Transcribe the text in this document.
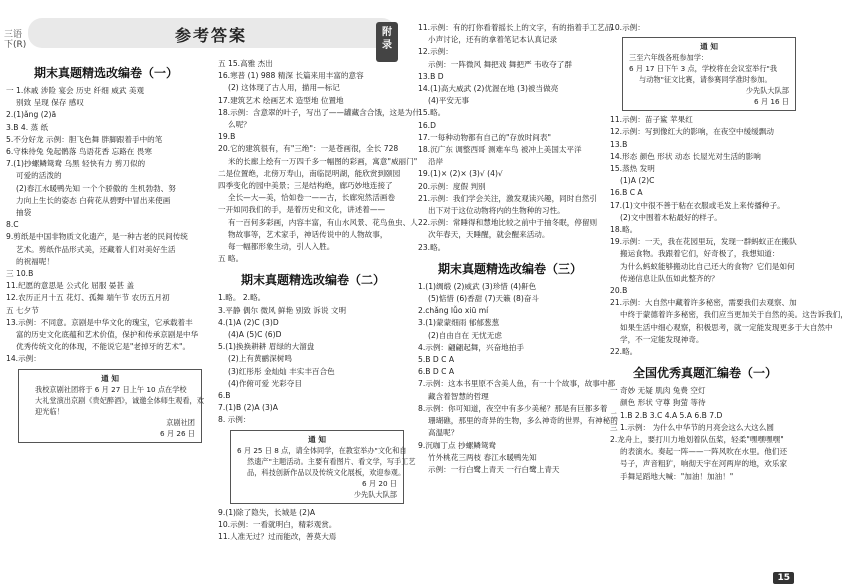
三语
下(R)	参考答案	附
录
期末真题精选改编卷（一）
一 1.休戚 涉险 宴会 历史 纤细 威武 美观
别致 呈现 保存 感叹
2.(1)ǎng (2)ā
3.B 4. 蒸 纸
5.不分好龙 示例：胆飞色舞 胖脚跟着手中的笔
6.守株待兔 兔起鹘落 鸟语花香 忘路在 畏寒
7.(1)抄螺鳞鸳鸯 乌黑 轻快有力 剪刀似的
可爱的活泼的
(2)春江水暖鸭先知 一个个骄傲的 生机勃勃、努
力向上生长的姿态 白荷花从碧野中冒出来使画
抽袋
8.C
9.剪纸是中国非物质文化遗产，是一种古老的民间传统
艺术。剪纸作品形式美，还藏着人们对美好生活
的祝福呢！
三 10.B
11.纪愿的意思是 公式化 屈服 晏甚 盖
12.农历正月十五 花灯、孤舞 端午节 农历五月初
五 七夕节
13.示例：不同意。京剧是中华文化的瑰宝，它承载着丰
富的历史文化底蕴和艺术价值，保护和传承京剧是中华
优秀传统文化的体现，不能说它是"老掉牙的艺术"。
14.示例：
通 知
我校京剧社团将于 6 月 27 日上午 10 点在学校
大礼堂演出京剧《贵妃醉酒》，诚邀全体师生观看，欢
迎光临！
京剧社团
6 月 26 日
五 15.高雅 杰出
16.寒普 (1) 988 精深 长篇来用丰富的意容
(2) 这体现了古人用，描用—标记
17.建筑艺术 绘画艺术 造型地 位置地
18.示例：含意翠的叶子，写出了——罐藏含合饿，这是为什
么呢？
19.B
20.它的建筑很有，有"三绝"：一是苍画很，全长 728
米的长廊上绘有一万四千多一幅图的彩画，寓意"威丽门"
二是位置绝，北傍万寿山，南临昆明湖，能欣赏到颐园
四季变化的园中美景；三是结构绝，廊巧妙地连接了
全长—大—美，恰如卷一——古，长廊宛然活画卷
一开如同我们的手，是着历史和文化，讲述着——
有一百何多彩画，内容丰富，有山水风景、花鸟鱼虫、人
物故事等，艺术家手，神话传说中的人物故事，
每一幅都形象生动，引人入胜。
五 略。
期末真题精选改编卷（二）
1.略。 2.略。
3.平静 偶尔 微风 鲜艳 别致 诉说 文明
4.(1)A (2)C (3)D
(4)A (5)C (6)D
5.(1)换换耕耕 眉绿的大溜盘
(2)上有黄鹂深树鸣
(3)红彤彤 金灿灿 丰实丰百合色
(4)作俯可爱 光彩夺目
6.B
7.(1)B (2)A (3)A
8. 示例：
通 知
6 月 25 日 8 点，请全体同学，在教室举办"文化和自
然遗产"主题活动。主要有看图片、看文学，写手工艺
品，科技创新作品以及传统文化展板，欢迎参观。
6 月 20 日
少先队大队部
9.(1)除了隐失，长城是 (2)A
10.示例：一看就明白，精彩观赏。
11.人准无过？过而能改，善莫大焉
11.示例：有的打你看着摇长上的文字，有的指着手工艺品
小声讨论，还有的拿着笔记本认真记录
12.示例：
示例：一阵微风 舞把戏 舞把严 韦收夺了群
13.B D
14.(1)高大威武 (2)优渥在地 (3)被当做亮
(4)平安无事
15.略。
16.D
17.一每种动物都有自己的"存放时间表"
18.沉广东 调整西哥 测难车鸟 被冲上美国太平洋
沿岸
19.(1)× (2)× (3)√ (4)√
20.示例：度假 判别
21.示例：我们学会关注，激发观读兴趣，同时自然引
出下对于这位动物将内的生物种的习性。
22.示例：常睡得和慧地比较之前中于抽冬眠，停留则
次年春天，天睡醒，就会醒来活动。
23.略。
期末真题精选改编卷（三）
1.(1)绸缎 (2)威武 (3)珍惜 (4)鼾色
(5)惦惜 (6)香甜 (7)天籁 (8)奋斗
2.chǎng lǚo xiū mí
3.(1)蒙蒙细雨 郁郁葱葱
(2)自由自在 无忧无虑
4.示例：翩翩起舞，兴奋地拍手
5.B D C A
6.B D C A
7.示例：这本书里原不含美人鱼，有一十个故事，故事中都
藏含着智慧的哲理
8.示例：你可知道，夜空中有多少美秘？那是有巨都多着
珊瑚礁，那里的奇异的生物，多么神奇的世界，有神秘的
高温呢？
9.沉咖丁点 抄螺鳞鸳鸯
竹外桃花三两枝 春江水暖鸭先知
示例：一行白鹭上青天 一行白鹭上青天
10.示例：
通 知
三至六年级各班参加学：
6 月 17 日下午 3 点，学校将在会议室举行"我
与动物"征文比赛，请参赛同学准时参加。
少先队大队部
6 月 16 日
11.示例：苗子鲨 苹果红
12.示例：写到像红大的影响，在夜空中缓缓飘动
13.B
14.形态 颜色 形状 动态 长屋光对生活的影响
15.蒸热 发明
(1)A (2)C
16.B C A
17.(1)文中很不善于粘在衣服或毛发上来传播种子。
(2)文中围着木粘最好的样子。
18.略。
19.示例：一天，我在花园里玩，发现一群蚂蚁正在搬队
搬运食物。我跟着它们，好奇极了，我想知道：
为什么蚂蚁能够搬动比自己还大的食物？它们是如何
传递信息让队伍如此整齐的？
20.B
21.示例：大自然中藏着许多秘密，需要我们去观察、加
中终于蒙德着许多秘密，我们应当更加关于自然的美。这告诉我们，
如果生活中细心观察，积极思考，就一定能发现更多于大自然中
学，不一定能发现神奇。
22.略。
全国优秀真题汇编卷（一）
一 奇妙 无疑 肌肉 兔费 空灯
颜色 形状 守尊 狗萤 等待
二 1.B 2.B 3.C 4.A 5.A 6.B 7.D
三 1.示例： 为什么中华节的月亮会这么大这么圆
2.龙舟上，要打川力地划着队伍桨，轻柔"嘿嘿嘿嘿"
的表演水。奏起一阵——一阵风吹在水里。他们还
号子，声音粗犷，响彻天宇在河两岸的地，欢乐家
手舞足蹈地大喊："加油！加油！"
15
